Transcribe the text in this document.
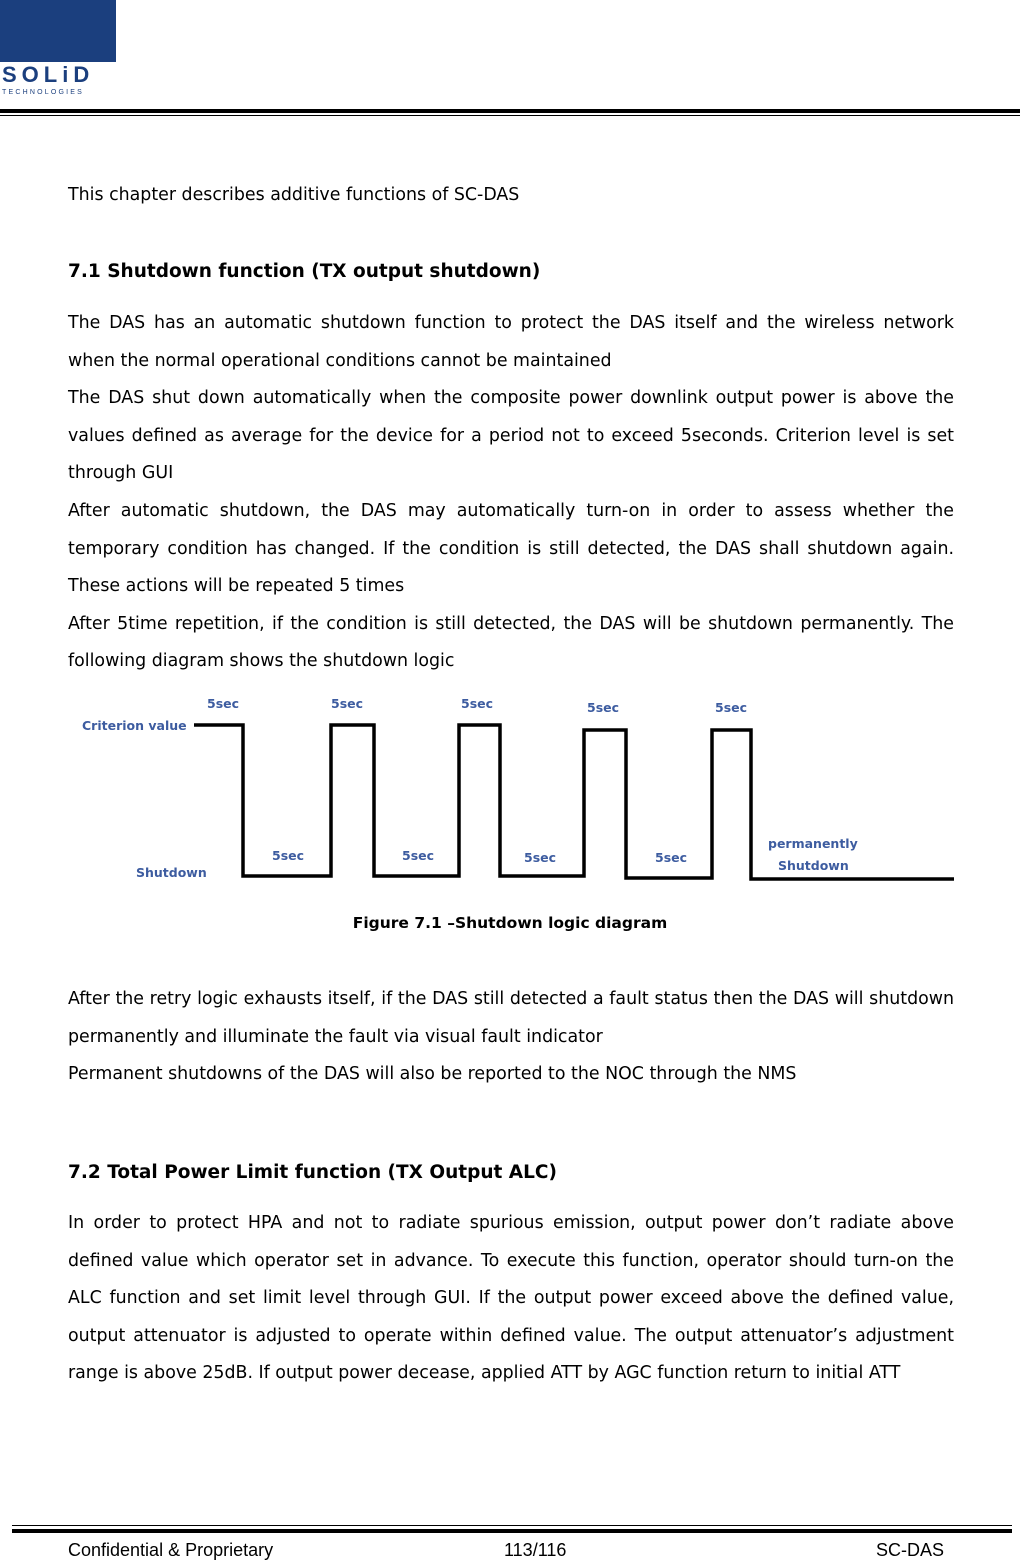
SOLiD
TECHNOLOGIES

This chapter describes additive functions of SC-DAS

7.1 Shutdown function (TX output shutdown)

The DAS has an automatic shutdown function to protect the DAS itself and the wireless network when the normal operational conditions cannot be maintained

The DAS shut down automatically when the composite power downlink output power is above the values defined as average for the device for a period not to exceed 5seconds. Criterion level is set through GUI

After automatic shutdown, the DAS may automatically turn-on in order to assess whether the temporary condition has changed. If the condition is still detected, the DAS shall shutdown again. These actions will be repeated 5 times

After 5time repetition, if the condition is still detected, the DAS will be shutdown permanently. The following diagram shows the shutdown logic

Criterion value
Shutdown
5sec	5sec	5sec	5sec	5sec
5sec	5sec	5sec	5sec
permanently
Shutdown
Figure 7.1 –Shutdown logic diagram

After the retry logic exhausts itself, if the DAS still detected a fault status then the DAS will shutdown permanently and illuminate the fault via visual fault indicator

Permanent shutdowns of the DAS will also be reported to the NOC through the NMS

7.2 Total Power Limit function (TX Output ALC)

In order to protect HPA and not to radiate spurious emission, output power don’t radiate above defined value which operator set in advance. To execute this function, operator should turn-on the ALC function and set limit level through GUI. If the output power exceed above the defined value, output attenuator is adjusted to operate within defined value. The output attenuator’s adjustment range is above 25dB. If output power decease, applied ATT by AGC function return to initial ATT

Confidential & Proprietary	113/116	SC-DAS
